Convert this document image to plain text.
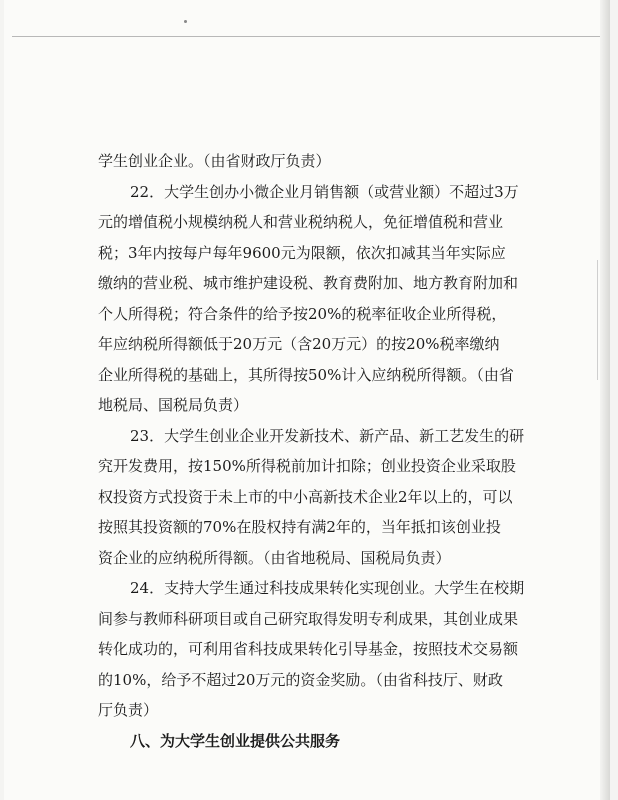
学生创业企业。（由省财政厅负责）
22．大学生创办小微企业月销售额（或营业额）不超过3万
元的增值税小规模纳税人和营业税纳税人，免征增值税和营业
税；3年内按每户每年9600元为限额，依次扣减其当年实际应
缴纳的营业税、城市维护建设税、教育费附加、地方教育附加和
个人所得税；符合条件的给予按20%的税率征收企业所得税，
年应纳税所得额低于20万元（含20万元）的按20%税率缴纳
企业所得税的基础上，其所得按50%计入应纳税所得额。（由省
地税局、国税局负责）
23．大学生创业企业开发新技术、新产品、新工艺发生的研
究开发费用，按150%所得税前加计扣除；创业投资企业采取股
权投资方式投资于未上市的中小高新技术企业2年以上的，可以
按照其投资额的70%在股权持有满2年的，当年抵扣该创业投
资企业的应纳税所得额。（由省地税局、国税局负责）
24．支持大学生通过科技成果转化实现创业。大学生在校期
间参与教师科研项目或自己研究取得发明专利成果，其创业成果
转化成功的，可利用省科技成果转化引导基金，按照技术交易额
的10%，给予不超过20万元的资金奖励。（由省科技厅、财政
厅负责）
八、为大学生创业提供公共服务
